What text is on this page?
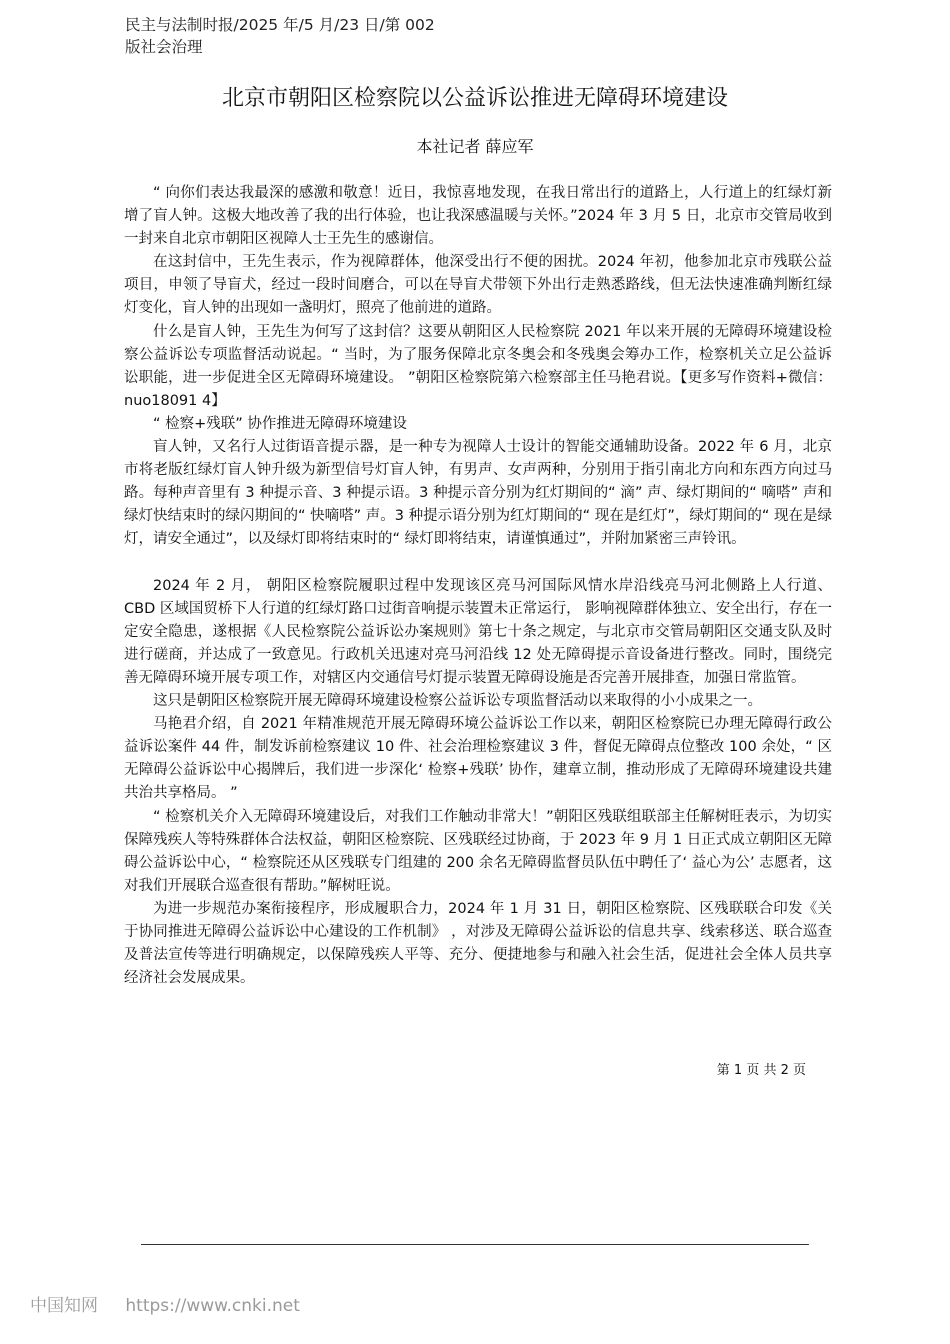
民主与法制时报/2025 年/5 月/23 日/第 002
版社会治理
北京市朝阳区检察院以公益诉讼推进无障碍环境建设
本社记者 薛应军

“ 向你们表达我最深的感激和敬意！近日，我惊喜地发现，在我日常出行的道路上，人行道上的红绿灯新增了盲人钟。这极大地改善了我的出行体验，也让我深感温暖与关怀。”2024 年 3 月 5 日，北京市交管局收到一封来自北京市朝阳区视障人士王先生的感谢信。

在这封信中，王先生表示，作为视障群体，他深受出行不便的困扰。2024 年初，他参加北京市残联公益项目，申领了导盲犬，经过一段时间磨合，可以在导盲犬带领下外出行走熟悉路线，但无法快速准确判断红绿灯变化，盲人钟的出现如一盏明灯，照亮了他前进的道路。

什么是盲人钟，王先生为何写了这封信？这要从朝阳区人民检察院 2021 年以来开展的无障碍环境建设检察公益诉讼专项监督活动说起。“ 当时，为了服务保障北京冬奥会和冬残奥会筹办工作，检察机关立足公益诉讼职能，进一步促进全区无障碍环境建设。 ”朝阳区检察院第六检察部主任马艳君说。【更多写作资料+微信：nuo18091 4】

“ 检察+残联” 协作推进无障碍环境建设

盲人钟，又名行人过街语音提示器，是一种专为视障人士设计的智能交通辅助设备。2022 年 6 月，北京市将老版红绿灯盲人钟升级为新型信号灯盲人钟，有男声、女声两种，分别用于指引南北方向和东西方向过马路。每种声音里有 3 种提示音、3 种提示语。3 种提示音分别为红灯期间的“ 滴” 声、绿灯期间的“ 嘀嗒” 声和绿灯快结束时的绿闪期间的“ 快嘀嗒” 声。3 种提示语分别为红灯期间的“ 现在是红灯”，绿灯期间的“ 现在是绿灯，请安全通过”，以及绿灯即将结束时的“ 绿灯即将结束，请谨慎通过”，并附加紧密三声铃讯。

2024 年 2 月， 朝阳区检察院履职过程中发现该区亮马河国际风情水岸沿线亮马河北侧路上人行道、 CBD 区域国贸桥下人行道的红绿灯路口过街音响提示装置未正常运行， 影响视障群体独立、安全出行，存在一定安全隐患，遂根据《人民检察院公益诉讼办案规则》第七十条之规定，与北京市交管局朝阳区交通支队及时进行磋商，并达成了一致意见。行政机关迅速对亮马河沿线 12 处无障碍提示音设备进行整改。同时，围绕完善无障碍环境开展专项工作，对辖区内交通信号灯提示装置无障碍设施是否完善开展排查，加强日常监管。

这只是朝阳区检察院开展无障碍环境建设检察公益诉讼专项监督活动以来取得的小小成果之一。

马艳君介绍，自 2021 年精准规范开展无障碍环境公益诉讼工作以来，朝阳区检察院已办理无障碍行政公益诉讼案件 44 件，制发诉前检察建议 10 件、社会治理检察建议 3 件，督促无障碍点位整改 100 余处，“ 区无障碍公益诉讼中心揭牌后，我们进一步深化‘ 检察+残联’ 协作，建章立制，推动形成了无障碍环境建设共建共治共享格局。 ”

“ 检察机关介入无障碍环境建设后，对我们工作触动非常大！”朝阳区残联组联部主任解树旺表示，为切实保障残疾人等特殊群体合法权益，朝阳区检察院、区残联经过协商，于 2023 年 9 月 1 日正式成立朝阳区无障碍公益诉讼中心，“ 检察院还从区残联专门组建的 200 余名无障碍监督员队伍中聘任了‘ 益心为公’ 志愿者，这对我们开展联合巡查很有帮助。”解树旺说。

为进一步规范办案衔接程序，形成履职合力，2024 年 1 月 31 日，朝阳区检察院、区残联联合印发《关于协同推进无障碍公益诉讼中心建设的工作机制》 ，对涉及无障碍公益诉讼的信息共享、线索移送、联合巡查及普法宣传等进行明确规定，以保障残疾人平等、充分、便捷地参与和融入社会生活，促进社会全体人员共享经济社会发展成果。

第 1 页 共 2 页
中国知网 https://www.cnki.net
